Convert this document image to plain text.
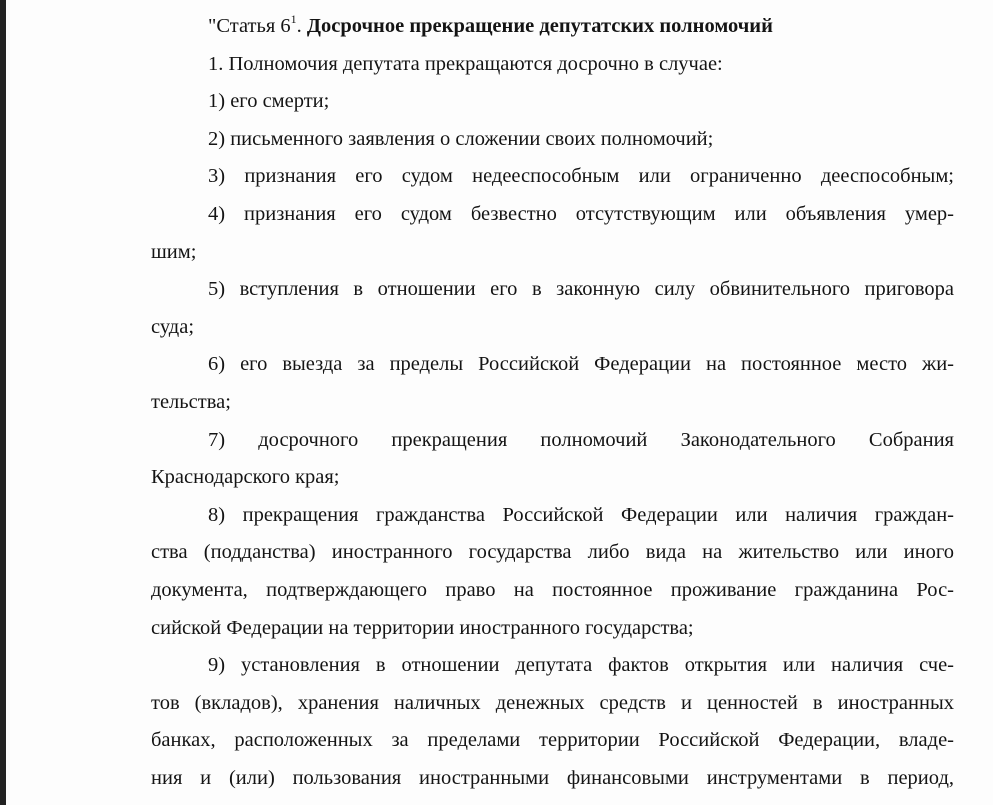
"Статья $6^1$. Досрочное прекращение депутатских полномочий
1. Полномочия депутата прекращаются досрочно в случае:
1) его смерти;
2) письменного заявления о сложении своих полномочий;
3) признания его судом недееспособным или ограниченно дееспособным;
4) признания его судом безвестно отсутствующим или объявления умер-
шим;
5) вступления в отношении его в законную силу обвинительного приговора
суда;
6) его выезда за пределы Российской Федерации на постоянное место жи-
тельства;
7) досрочного прекращения полномочий Законодательного Собрания
Краснодарского края;
8) прекращения гражданства Российской Федерации или наличия граждан-
ства (подданства) иностранного государства либо вида на жительство или иного
документа, подтверждающего право на постоянное проживание гражданина Рос-
сийской Федерации на территории иностранного государства;
9) установления в отношении депутата фактов открытия или наличия сче-
тов (вкладов), хранения наличных денежных средств и ценностей в иностранных
банках, расположенных за пределами территории Российской Федерации, владе-
ния и (или) пользования иностранными финансовыми инструментами в период,
